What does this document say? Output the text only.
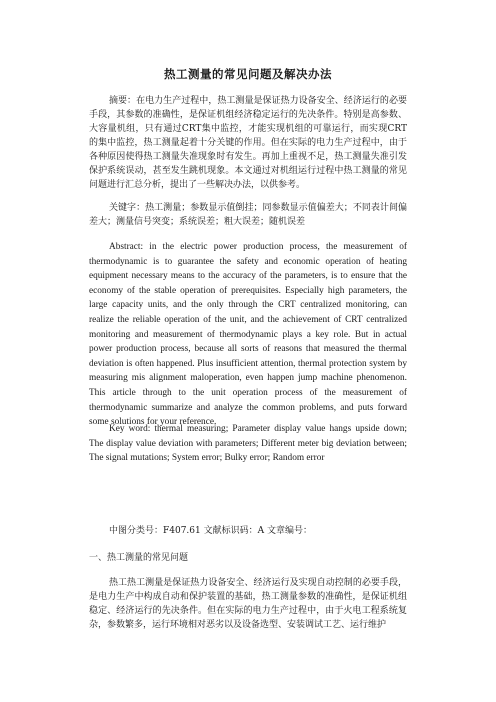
热工测量的常见问题及解决办法

摘要：在电力生产过程中，热工测量是保证热力设备安全、经济运行的必要手段，其参数的准确性，是保证机组经济稳定运行的先决条件。特别是高参数、大容量机组，只有通过CRT集中监控，才能实现机组的可靠运行，而实现CRT的集中监控，热工测量起着十分关键的作用。但在实际的电力生产过程中，由于各种原因使得热工测量失准现象时有发生。再加上重视不足，热工测量失准引发保护系统误动，甚至发生跳机现象。本文通过对机组运行过程中热工测量的常见问题进行汇总分析，提出了一些解决办法，以供参考。

关键字：热工测量；参数显示值倒挂；同参数显示值偏差大；不同表计间偏差大；测量信号突变；系统误差；粗大误差；随机误差

Abstract: in the electric power production process, the measurement of thermodynamic is to guarantee the safety and economic operation of heating equipment necessary means to the accuracy of the parameters, is to ensure that the economy of the stable operation of prerequisites. Especially high parameters, the large capacity units, and the only through the CRT centralized monitoring, can realize the reliable operation of the unit, and the achievement of CRT centralized monitoring and measurement of thermodynamic plays a key role. But in actual power production process, because all sorts of reasons that measured the thermal deviation is often happened. Plus insufficient attention, thermal protection system by measuring mis alignment maloperation, even happen jump machine phenomenon. This article through to the unit operation process of the measurement of thermodynamic summarize and analyze the common problems, and puts forward some solutions for your reference.

Key word: thermal measuring; Parameter display value hangs upside down; The display value deviation with parameters; Different meter big deviation between; The signal mutations; System error; Bulky error; Random error

中图分类号：F407.61 文献标识码：A 文章编号：

一、热工测量的常见问题

热工热工测量是保证热力设备安全、经济运行及实现自动控制的必要手段，是电力生产中构成自动和保护装置的基础，热工测量参数的准确性，是保证机组稳定、经济运行的先决条件。但在实际的电力生产过程中，由于火电工程系统复杂，参数繁多，运行环境相对恶劣以及设备选型、安装调试工艺、运行维护
